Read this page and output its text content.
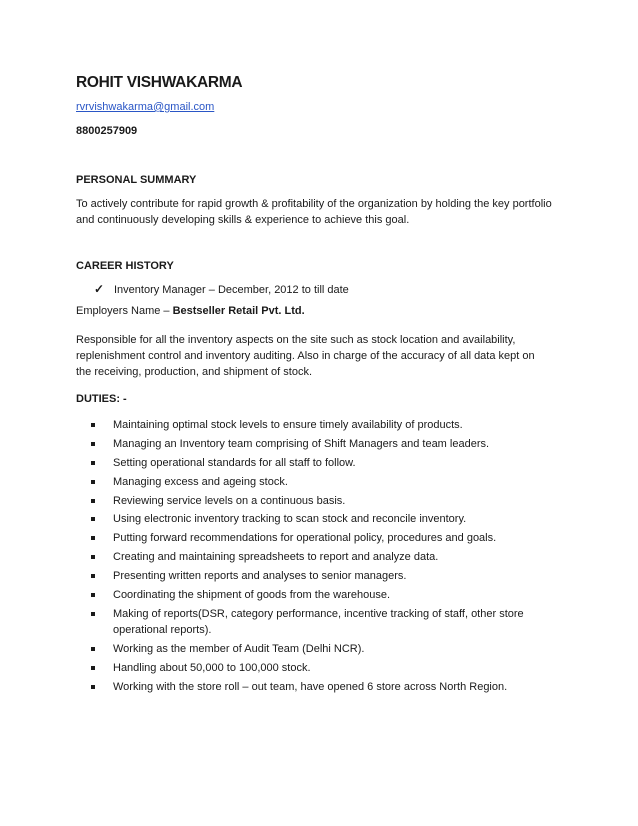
ROHIT VISHWAKARMA
rvrvishwakarma@gmail.com
8800257909
PERSONAL SUMMARY
To actively contribute for rapid growth & profitability of the organization by holding the key portfolio and continuously developing skills & experience to achieve this goal.
CAREER HISTORY
✓ Inventory Manager – December, 2012 to till date
Employers Name – Bestseller Retail Pvt. Ltd.
Responsible for all the inventory aspects on the site such as stock location and availability, replenishment control and inventory auditing. Also in charge of the accuracy of all data kept on the receiving, production, and shipment of stock.
DUTIES: -
Maintaining optimal stock levels to ensure timely availability of products.
Managing an Inventory team comprising of Shift Managers and team leaders.
Setting operational standards for all staff to follow.
Managing excess and ageing stock.
Reviewing service levels on a continuous basis.
Using electronic inventory tracking to scan stock and reconcile inventory.
Putting forward recommendations for operational policy, procedures and goals.
Creating and maintaining spreadsheets to report and analyze data.
Presenting written reports and analyses to senior managers.
Coordinating the shipment of goods from the warehouse.
Making of reports(DSR, category performance, incentive tracking of staff, other store operational reports).
Working as the member of Audit Team (Delhi NCR).
Handling about 50,000 to 100,000 stock.
Working with the store roll – out team, have opened 6 store across North Region.
